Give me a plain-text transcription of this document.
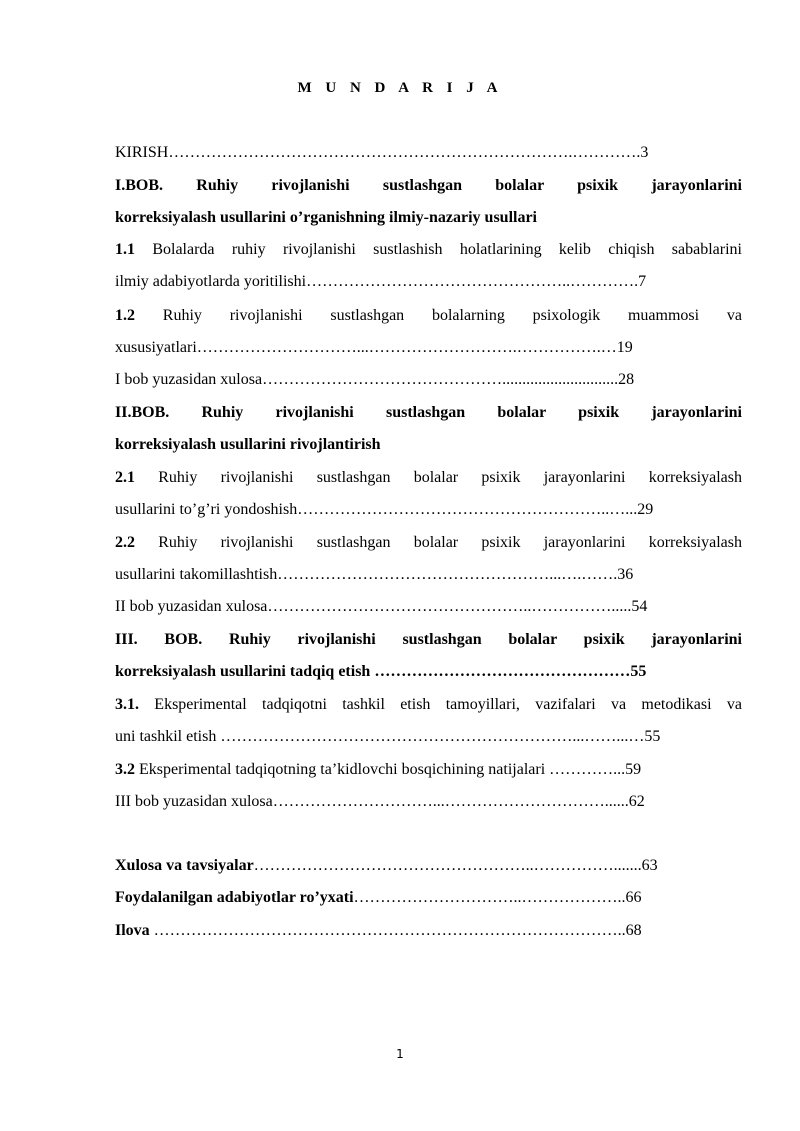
M U N D A R I J A
KIRISH………………………………………………………………….………….3
I.BOB. Ruhiy rivojlanishi sustlashgan bolalar psixik jarayonlarini
korreksiyalash usullarini o’rganishning ilmiy-nazariy usullari
1.1 Bolalarda ruhiy rivojlanishi sustlashish holatlarining kelib chiqish sabablarini
ilmiy adabiyotlarda yoritilishi…………………………………………..………….7
1.2 Ruhiy rivojlanishi sustlashgan bolalarning psixologik muammosi va
xususiyatlari…………………………...……………………….…………….…19
I bob yuzasidan xulosa……………………………………….............................28
II.BOB. Ruhiy rivojlanishi sustlashgan bolalar psixik jarayonlarini
korreksiyalash usullarini rivojlantirish
2.1 Ruhiy rivojlanishi sustlashgan bolalar psixik jarayonlarini korreksiyalash
usullarini to’g’ri yondoshish…………………………………………………..…...29
2.2 Ruhiy rivojlanishi sustlashgan bolalar psixik jarayonlarini korreksiyalash
usullarini takomillashtish……………………………………………...….…….36
II bob yuzasidan xulosa…………………………………………..…………….....54
III. BOB. Ruhiy rivojlanishi sustlashgan bolalar psixik jarayonlarini
korreksiyalash usullarini tadqiq etish …………………………………………55
3.1. Eksperimental tadqiqotni tashkil etish tamoyillari, vazifalari va metodikasi va
uni tashkil etish …………………………………………………………...……...…55
3.2 Eksperimental tadqiqotning ta’kidlovchi bosqichining natijalari …………...59
III bob yuzasidan xulosa…………………………...…………………………......62
Xulosa va tavsiyalar……………………………………………..…………….......63
Foydalanilgan adabiyotlar ro’yxati…………………………..………………..66
Ilova ……………………………………………………………………………..68
1
